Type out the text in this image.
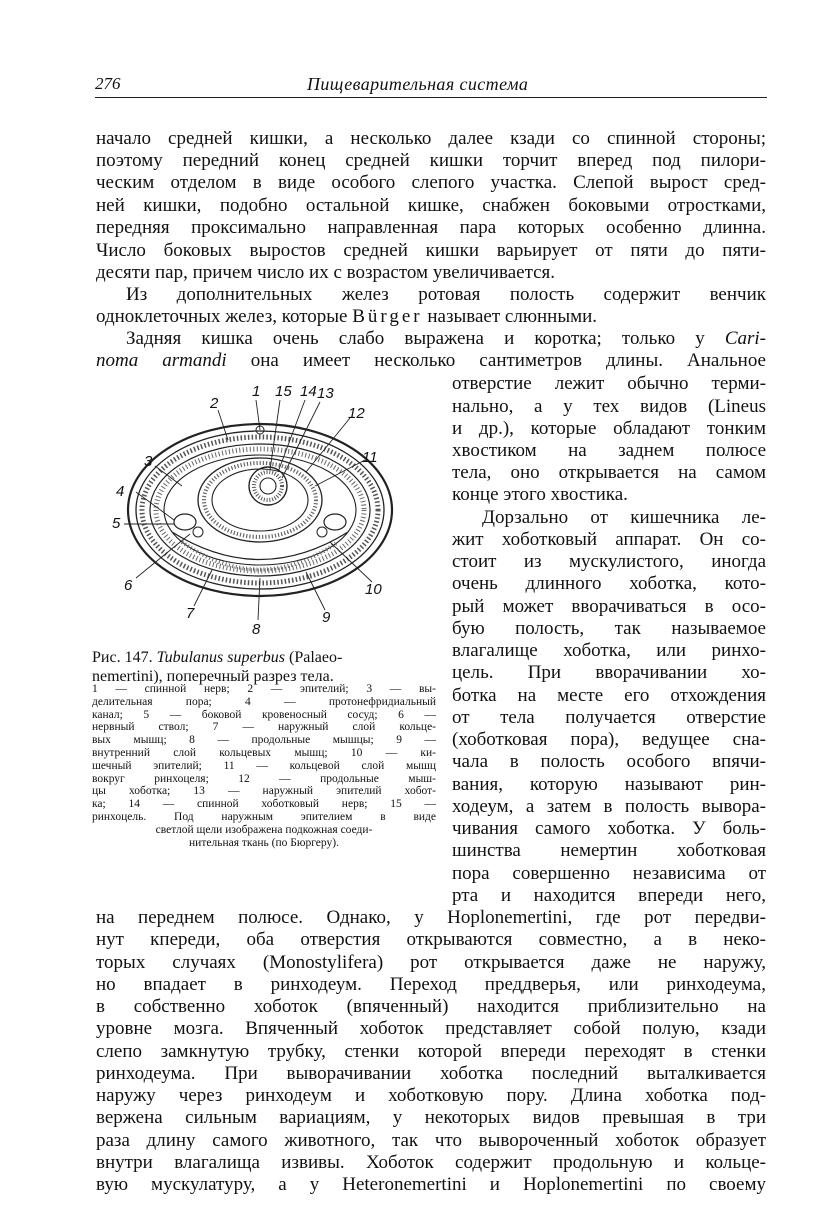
276	Пищеварительная система
начало средней кишки, а несколько далее кзади со спинной стороны;
поэтому передний конец средней кишки торчит вперед под пилори-
ческим отделом в виде особого слепого участка. Слепой вырост сред-
ней кишки, подобно остальной кишке, снабжен боковыми отростками,
передняя проксимально направленная пара которых особенно длинна.
Число боковых выростов средней кишки варьирует от пяти до пяти-
десяти пар, причем число их с возрастом увеличивается.
Из дополнительных желез ротовая полость содержит венчик
одноклеточных желез, которые Bürger называет слюнными.
Задняя кишка очень слабо выражена и коротка; только у Cari-
noma armandi она имеет несколько сантиметров длины. Анальное
1 15 14 13
2
12
3	11
4
5
6	10
7	9
8
Рис. 147. Tubulanus superbus (Palaeo-
nemertini), поперечный разрез тела.
1 — спинной нерв; 2 — эпителий; 3 — вы-
делительная пора; 4 — протонефридиальный
канал; 5 — боковой кровеносный сосуд; 6 —
нервный ствол; 7 — наружный слой кольце-
вых мышц; 8 — продольные мышцы; 9 —
внутренний слой кольцевых мышц; 10 — ки-
шечный эпителий; 11 — кольцевой слой мышц
вокруг ринхоцеля; 12 — продольные мыш-
цы хоботка; 13 — наружный эпителий хобот-
ка; 14 — спинной хоботковый нерв; 15 —
ринхоцель. Под наружным эпителием в виде
светлой щели изображена подкожная соеди-
нительная ткань (по Бюргеру).
отверстие лежит обычно терми-
нально, а у тех видов (Lineus
и др.), которые обладают тонким
хвостиком на заднем полюсе
тела, оно открывается на самом
конце этого хвостика.
Дорзально от кишечника ле-
жит хоботковый аппарат. Он со-
стоит из мускулистого, иногда
очень длинного хоботка, кото-
рый может вворачиваться в осо-
бую полость, так называемое
влагалище хоботка, или ринхо-
цель. При вворачивании хо-
ботка на месте его отхождения
от тела получается отверстие
(хоботковая пора), ведущее сна-
чала в полость особого впячи-
вания, которую называют рин-
ходеум, а затем в полость вывора-
чивания самого хоботка. У боль-
шинства немертин хоботковая
пора совершенно независима от
рта и находится впереди него,
на переднем полюсе. Однако, у Hoplonemertini, где рот передви-
нут кпереди, оба отверстия открываются совместно, а в неко-
торых случаях (Monostylifera) рот открывается даже не наружу,
но впадает в ринходеум. Переход преддверья, или ринходеума,
в собственно хоботок (впяченный) находится приблизительно на
уровне мозга. Впяченный хоботок представляет собой полую, кзади
слепо замкнутую трубку, стенки которой впереди переходят в стенки
ринходеума. При выворачивании хоботка последний выталкивается
наружу через ринходеум и хоботковую пору. Длина хоботка под-
вержена сильным вариациям, у некоторых видов превышая в три
раза длину самого животного, так что вывороченный хоботок образует
внутри влагалища извивы. Хоботок содержит продольную и кольце-
вую мускулатуру, а у Heteronemertini и Hoplonemertini по своему
